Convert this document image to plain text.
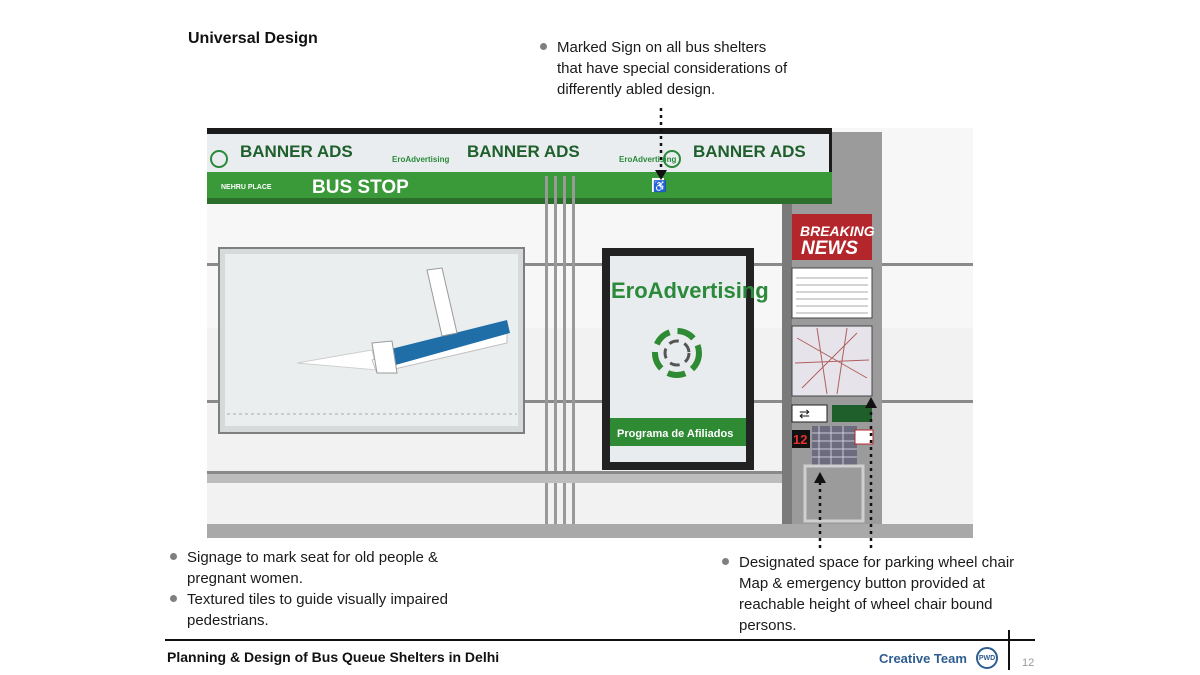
Universal Design
Marked Sign on all bus shelters
that have special considerations of
differently abled design.
BANNER ADS	BANNER ADS	BANNER ADS
EroAdvertising	EroAdvertising
NEHRU PLACE BUS STOP	♿
EroAdvertising
Programa de Afiliados
BREAKING
NEWS
⇄
12
Signage to mark seat for old people &
pregnant women.
Textured tiles to guide visually impaired
pedestrians.
Designated space for parking wheel chair
Map & emergency button provided at
reachable height of wheel chair bound
persons.
Planning & Design of Bus Queue Shelters in Delhi	Creative Team	PWD 12
